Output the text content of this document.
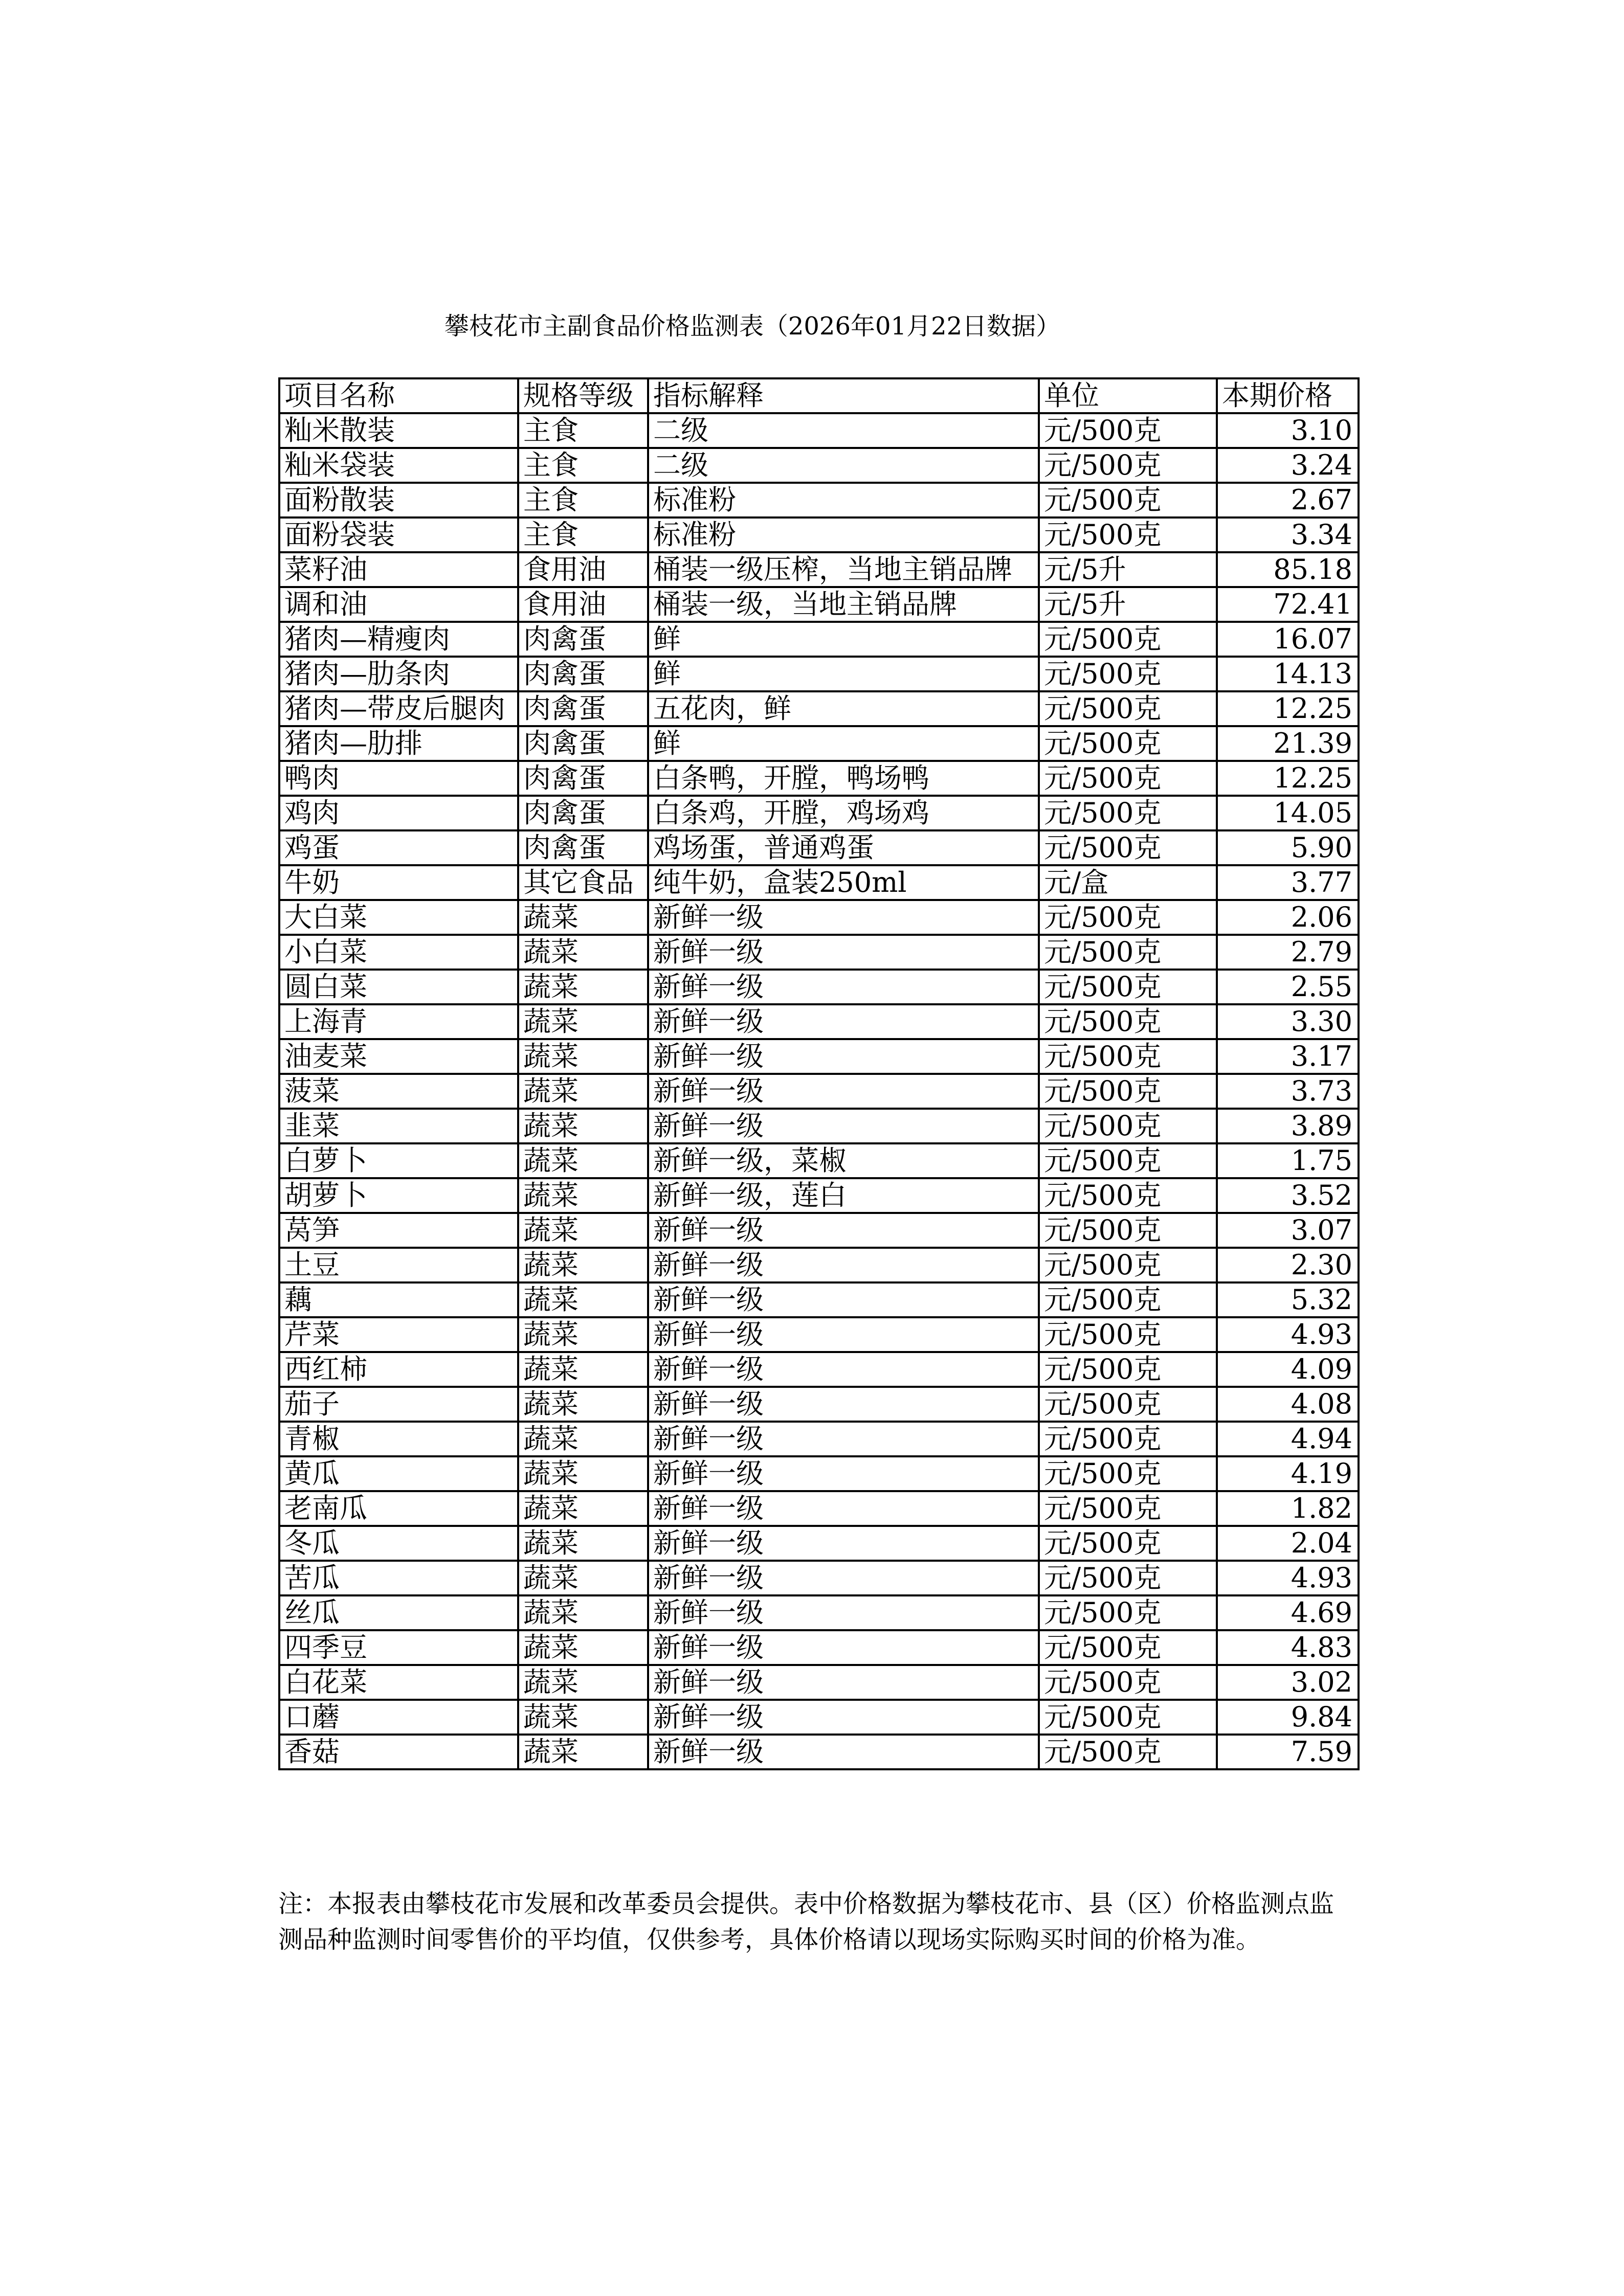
攀枝花市主副食品价格监测表（2026年01月22日数据）
项目名称	规格等级	指标解释	单位	本期价格
籼米散装	主食	二级	元/500克	3.10
籼米袋装	主食	二级	元/500克	3.24
面粉散装	主食	标准粉	元/500克	2.67
面粉袋装	主食	标准粉	元/500克	3.34
菜籽油	食用油	桶装一级压榨，当地主销品牌	元/5升	85.18
调和油	食用油	桶装一级，当地主销品牌	元/5升	72.41
猪肉—精瘦肉	肉禽蛋	鲜	元/500克	16.07
猪肉—肋条肉	肉禽蛋	鲜	元/500克	14.13
猪肉—带皮后腿肉	肉禽蛋	五花肉，鲜	元/500克	12.25
猪肉—肋排	肉禽蛋	鲜	元/500克	21.39
鸭肉	肉禽蛋	白条鸭，开膛，鸭场鸭	元/500克	12.25
鸡肉	肉禽蛋	白条鸡，开膛，鸡场鸡	元/500克	14.05
鸡蛋	肉禽蛋	鸡场蛋，普通鸡蛋	元/500克	5.90
牛奶	其它食品	纯牛奶，盒装250ml	元/盒	3.77
大白菜	蔬菜	新鲜一级	元/500克	2.06
小白菜	蔬菜	新鲜一级	元/500克	2.79
圆白菜	蔬菜	新鲜一级	元/500克	2.55
上海青	蔬菜	新鲜一级	元/500克	3.30
油麦菜	蔬菜	新鲜一级	元/500克	3.17
菠菜	蔬菜	新鲜一级	元/500克	3.73
韭菜	蔬菜	新鲜一级	元/500克	3.89
白萝卜	蔬菜	新鲜一级，菜椒	元/500克	1.75
胡萝卜	蔬菜	新鲜一级，莲白	元/500克	3.52
莴笋	蔬菜	新鲜一级	元/500克	3.07
土豆	蔬菜	新鲜一级	元/500克	2.30
藕	蔬菜	新鲜一级	元/500克	5.32
芹菜	蔬菜	新鲜一级	元/500克	4.93
西红柿	蔬菜	新鲜一级	元/500克	4.09
茄子	蔬菜	新鲜一级	元/500克	4.08
青椒	蔬菜	新鲜一级	元/500克	4.94
黄瓜	蔬菜	新鲜一级	元/500克	4.19
老南瓜	蔬菜	新鲜一级	元/500克	1.82
冬瓜	蔬菜	新鲜一级	元/500克	2.04
苦瓜	蔬菜	新鲜一级	元/500克	4.93
丝瓜	蔬菜	新鲜一级	元/500克	4.69
四季豆	蔬菜	新鲜一级	元/500克	4.83
白花菜	蔬菜	新鲜一级	元/500克	3.02
口蘑	蔬菜	新鲜一级	元/500克	9.84
香菇	蔬菜	新鲜一级	元/500克	7.59
注：本报表由攀枝花市发展和改革委员会提供。表中价格数据为攀枝花市、县（区）价格监测点监测品种监测时间零售价的平均值，仅供参考，具体价格请以现场实际购买时间的价格为准。
